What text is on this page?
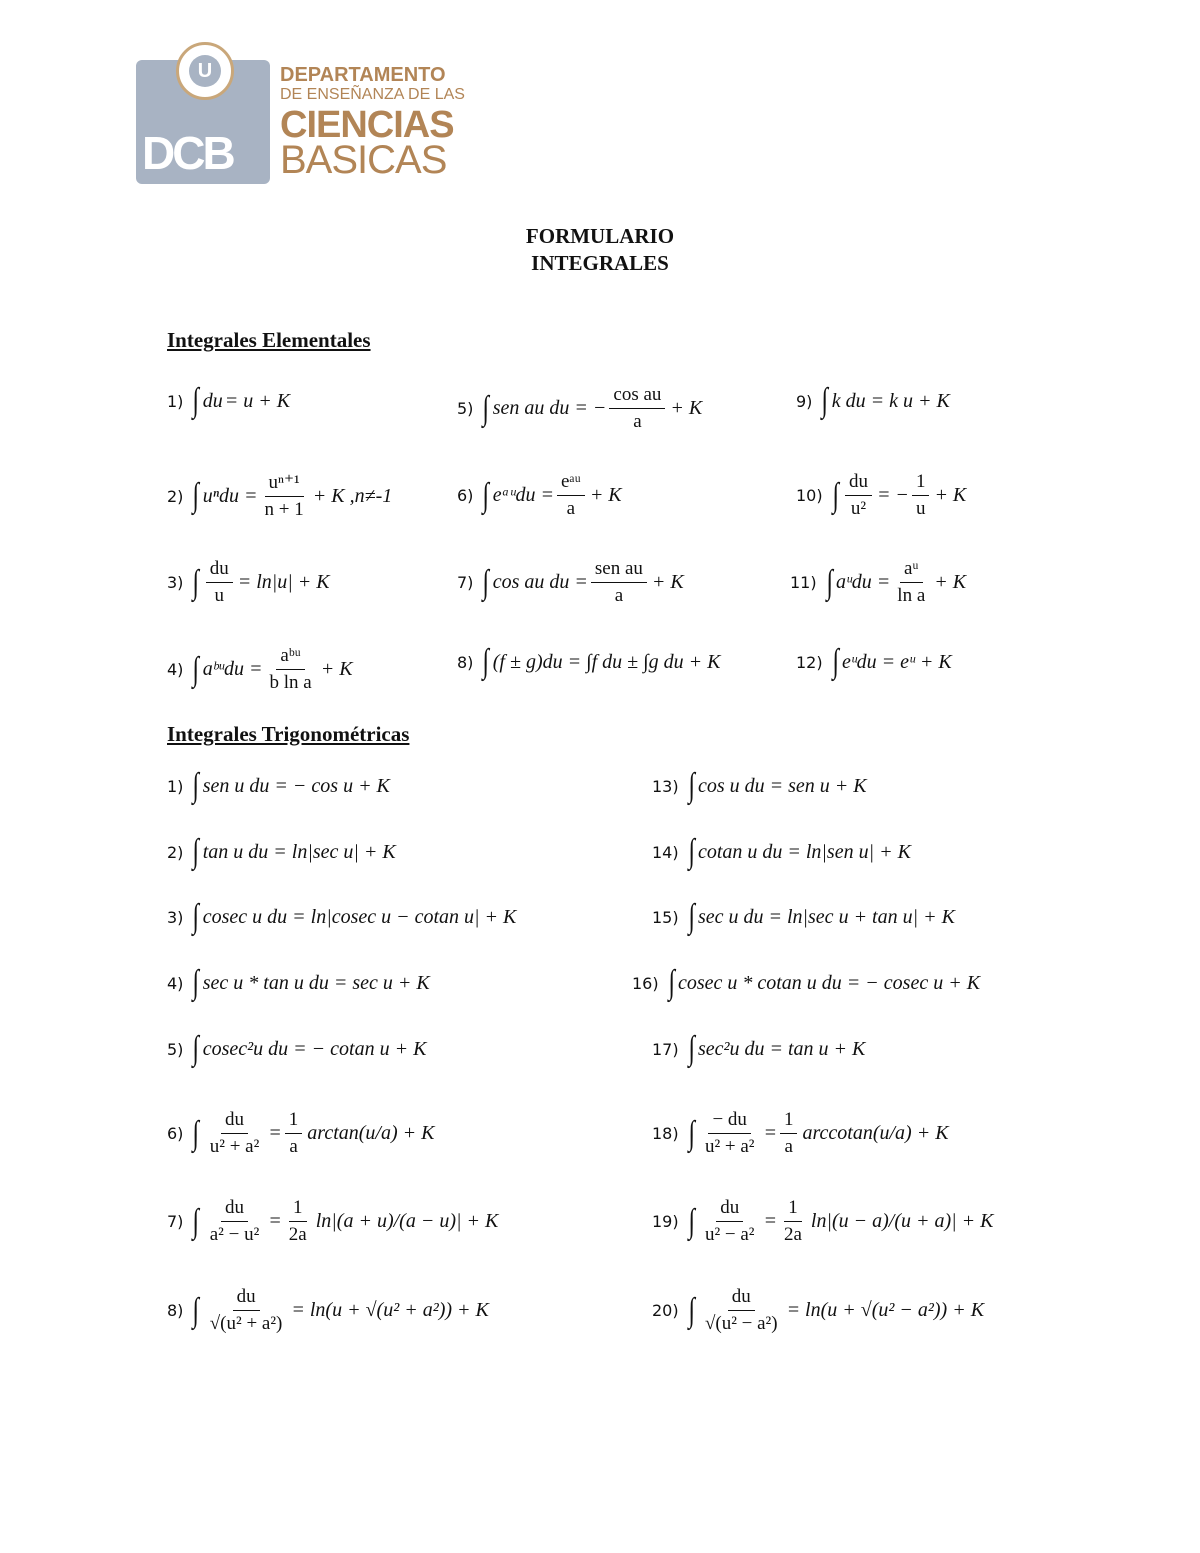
DCB
U	DEPARTAMENTO
DE ENSEÑANZA DE LAS
CIENCIAS
BASICAS
FORMULARIO
INTEGRALES
Integrales Elementales
Integrales Trigonométricas
1) ∫ du = u + K
2) ∫ $u^ndu = \frac{\text{uⁿ⁺¹}}{n + 1} + K$ ,n≠-1
3) ∫ $\frac{du}{u} = \ln|u| + K$
4) ∫ aᵇᵘdu = $\frac{\text{aᵇᵘ}}{\text{b ln a}} + K$
5) ∫ sen au du = − $\frac{\text{cos au}}{a} + K$
6) ∫ eᵃᵘdu = $\frac{\text{eᵃᵘ}}{a} + K$
7) ∫ cos au du = $\frac{\text{sen au}}{a} + K$
8) ∫ (f ± g)du = ∫f du ± ∫g du + K
9) ∫ k du = k u + K
10) ∫ $\frac{du}{\text{u²}}$ = − $\frac{1}{u} + K$
11) ∫ aᵘdu = $\frac{\text{aᵘ}}{\text{ln a}} + K$
12) ∫ eᵘdu = eᵘ + K
1) ∫ sen u du = − cos u + K
2) ∫ tan u du = ln|sec u| + K
3) ∫ cosec u du = ln|cosec u − cotan u| + K
4) ∫ sec u * tan u du = sec u + K
5) ∫ cosec²u du = − cotan u + K
6) ∫ $\frac{du}{\text{u² + a²}} = \frac{1}{a} \arctan(u/a) + K$
7) ∫ $\frac{du}{\text{a² − u²}} = \frac{1}{2a} \ln|(a + u)/(a - u)| + K$
8) ∫ $\frac{du}{\text{√(u² + a²)}} = \ln(u + √(u^2 + a^2)) + K$
13) ∫ cos u du = sen u + K
14) ∫ cotan u du = ln|sen u| + K
15) ∫ sec u du = ln|sec u + tan u| + K
16) ∫ cosec u * cotan u du = − cosec u + K
17) ∫ sec²u du = tan u + K
18) ∫ $\frac{- du}{\text{u² + a²}} = \frac{1}{a}$ arccotan(u/a) + K
19) ∫ $\frac{du}{\text{u² − a²}} = \frac{1}{2a} \ln|(u - a)/(u + a)| + K$
20) ∫ $\frac{du}{\text{√(u² − a²)}} = \ln(u + √(u^2 - a^2)) + K$
